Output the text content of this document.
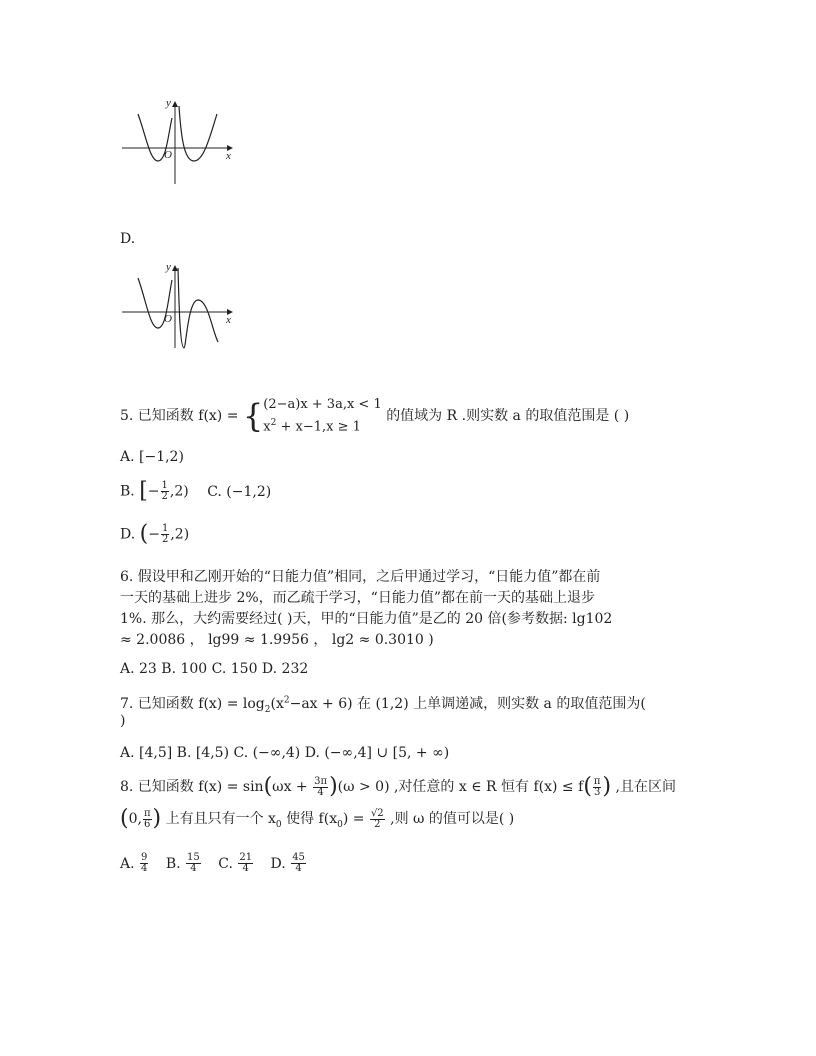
y
x
O
D.
y
x
O
5. 已知函数 f(x) = { (2−a)x + 3a,x < 1
$x^2 + x-1,x \ge 1$
的值域为 R .则实数 a 的取值范围是 ( )
A. [−1,2)
B. [− $\frac{1}{2} ,2$) C. (−1,2)
D. (− $\frac{1}{2} ,2$)
6. 假设甲和乙刚开始的“日能力值”相同，之后甲通过学习，“日能力值”都在前
一天的基础上进步 2%，而乙疏于学习，“日能力值”都在前一天的基础上退步
1%. 那么，大约需要经过( )天，甲的“日能力值”是乙的 20 倍(参考数据: lg102
≈ 2.0086 ， lg99 ≈ 1.9956 ， lg2 ≈ 0.3010 )
A. 23 B. 100 C. 150 D. 232
7. 已知函数 $f(x) = \log_2(x^2-ax + 6)$ 在 (1,2) 上单调递减，则实数 a 的取值范围为(
)
A. [4,5] B. [4,5) C. (−∞,4) D. (−∞,4] ∪ [5, + ∞)
8. 已知函数 $f(x) = \sin(\omega x + \frac{3\pi}{4} )(\omega > 0)$ ,对任意的 x ∈ R 恒有 $f(x) \le f( \frac{\pi}{3}$ ) ,且在区间
(0, $\frac{\pi}{6}$ ) 上有且只有一个 $x_0$ 使得 $f(x_0) = \frac{√2}{2}$ ,则 ω 的值可以是( )
A. $\frac{9}{4} B$. $\frac{15}{4} C$. $\frac{21}{4} D$. $\frac{45}{4}$
